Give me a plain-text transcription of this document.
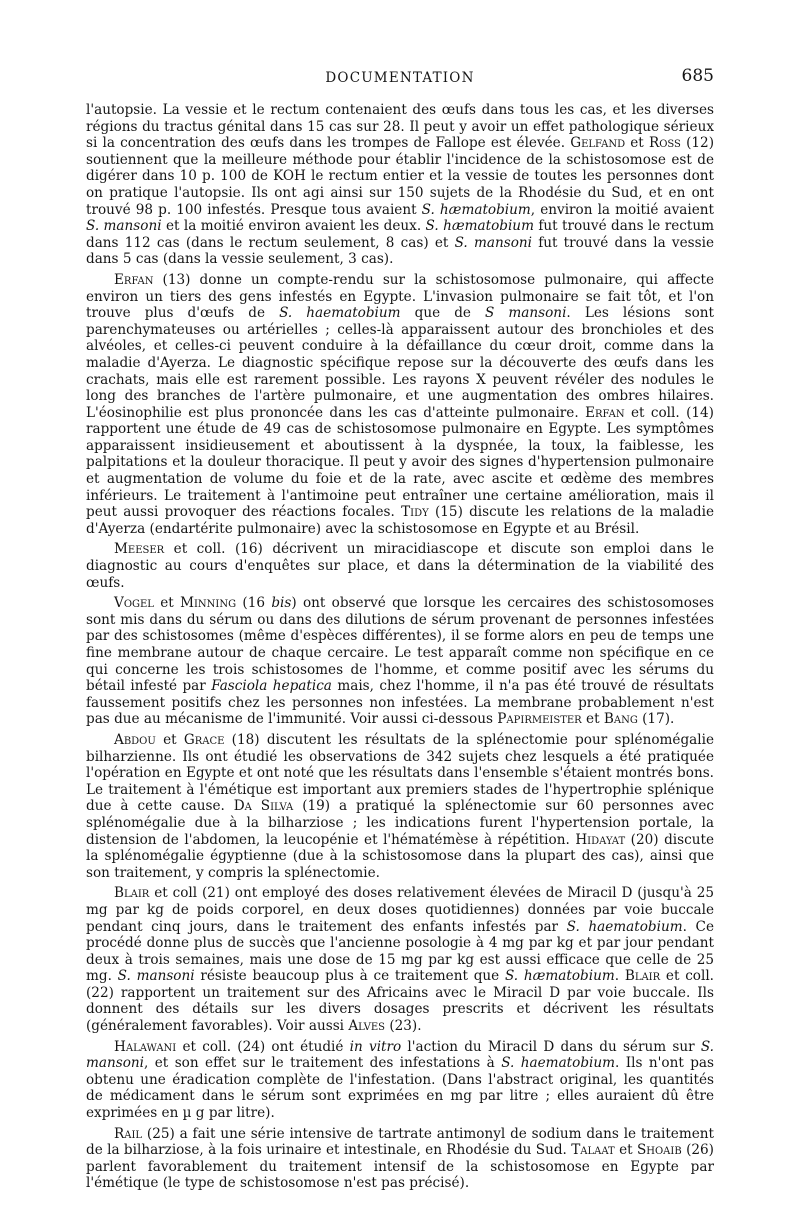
DOCUMENTATION	685

l'autopsie. La vessie et le rectum contenaient des œufs dans tous les cas, et les diverses régions du tractus génital dans 15 cas sur 28. Il peut y avoir un effet pathologique sérieux si la concentration des œufs dans les trompes de Fallope est élevée. Gelfand et Ross (12) soutiennent que la meilleure méthode pour établir l'incidence de la schistosomose est de digérer dans 10 p. 100 de KOH le rectum entier et la vessie de toutes les personnes dont on pratique l'autopsie. Ils ont agi ainsi sur 150 sujets de la Rhodésie du Sud, et en ont trouvé 98 p. 100 infestés. Presque tous avaient S. hæmatobium, environ la moitié avaient S. mansoni et la moitié environ avaient les deux. S. hæmatobium fut trouvé dans le rectum dans 112 cas (dans le rectum seulement, 8 cas) et S. mansoni fut trouvé dans la vessie dans 5 cas (dans la vessie seulement, 3 cas).

Erfan (13) donne un compte-rendu sur la schistosomose pulmonaire, qui affecte environ un tiers des gens infestés en Egypte. L'invasion pulmonaire se fait tôt, et l'on trouve plus d'œufs de S. haematobium que de S mansoni. Les lésions sont parenchymateuses ou artérielles ; celles-là apparaissent autour des bronchioles et des alvéoles, et celles-ci peuvent conduire à la défaillance du cœur droit, comme dans la maladie d'Ayerza. Le diagnostic spécifique repose sur la découverte des œufs dans les crachats, mais elle est rarement possible. Les rayons X peuvent révéler des nodules le long des branches de l'artère pulmonaire, et une augmentation des ombres hilaires. L'éosinophilie est plus prononcée dans les cas d'atteinte pulmonaire. Erfan et coll. (14) rapportent une étude de 49 cas de schistosomose pulmonaire en Egypte. Les symptômes apparaissent insidieusement et aboutissent à la dyspnée, la toux, la faiblesse, les palpitations et la douleur thoracique. Il peut y avoir des signes d'hypertension pulmonaire et augmentation de volume du foie et de la rate, avec ascite et œdème des membres inférieurs. Le traitement à l'antimoine peut entraîner une certaine amélioration, mais il peut aussi provoquer des réactions focales. Tidy (15) discute les relations de la maladie d'Ayerza (endartérite pulmonaire) avec la schistosomose en Egypte et au Brésil.

Meeser et coll. (16) décrivent un miracidiascope et discute son emploi dans le diagnostic au cours d'enquêtes sur place, et dans la détermination de la viabilité des œufs.

Vogel et Minning (16 bis) ont observé que lorsque les cercaires des schistosomoses sont mis dans du sérum ou dans des dilutions de sérum provenant de personnes infestées par des schistosomes (même d'espèces différentes), il se forme alors en peu de temps une fine membrane autour de chaque cercaire. Le test apparaît comme non spécifique en ce qui concerne les trois schistosomes de l'homme, et comme positif avec les sérums du bétail infesté par Fasciola hepatica mais, chez l'homme, il n'a pas été trouvé de résultats faussement positifs chez les personnes non infestées. La membrane probablement n'est pas due au mécanisme de l'immunité. Voir aussi ci-dessous Papirmeister et Bang (17).

Abdou et Grace (18) discutent les résultats de la splénectomie pour splénomégalie bilharzienne. Ils ont étudié les observations de 342 sujets chez lesquels a été pratiquée l'opération en Egypte et ont noté que les résultats dans l'ensemble s'étaient montrés bons. Le traitement à l'émétique est important aux premiers stades de l'hypertrophie splénique due à cette cause. Da Silva (19) a pratiqué la splénectomie sur 60 personnes avec splénomégalie due à la bilharziose ; les indications furent l'hypertension portale, la distension de l'abdomen, la leucopénie et l'hématémèse à répétition. Hidayat (20) discute la splénomégalie égyptienne (due à la schistosomose dans la plupart des cas), ainsi que son traitement, y compris la splénectomie.

Blair et coll (21) ont employé des doses relativement élevées de Miracil D (jusqu'à 25 mg par kg de poids corporel, en deux doses quotidiennes) données par voie buccale pendant cinq jours, dans le traitement des enfants infestés par S. haematobium. Ce procédé donne plus de succès que l'ancienne posologie à 4 mg par kg et par jour pendant deux à trois semaines, mais une dose de 15 mg par kg est aussi efficace que celle de 25 mg. S. mansoni résiste beaucoup plus à ce traitement que S. hæmatobium. Blair et coll. (22) rapportent un traitement sur des Africains avec le Miracil D par voie buccale. Ils donnent des détails sur les divers dosages prescrits et décrivent les résultats (généralement favorables). Voir aussi Alves (23).

Halawani et coll. (24) ont étudié in vitro l'action du Miracil D dans du sérum sur S. mansoni, et son effet sur le traitement des infestations à S. haematobium. Ils n'ont pas obtenu une éradication complète de l'infestation. (Dans l'abstract original, les quantités de médicament dans le sérum sont exprimées en mg par litre ; elles auraient dû être exprimées en µ g par litre).

Rail (25) a fait une série intensive de tartrate antimonyl de sodium dans le traitement de la bilharziose, à la fois urinaire et intestinale, en Rhodésie du Sud. Talaat et Shoaib (26) parlent favorablement du traitement intensif de la schistosomose en Egypte par l'émétique (le type de schistosomose n'est pas précisé).
